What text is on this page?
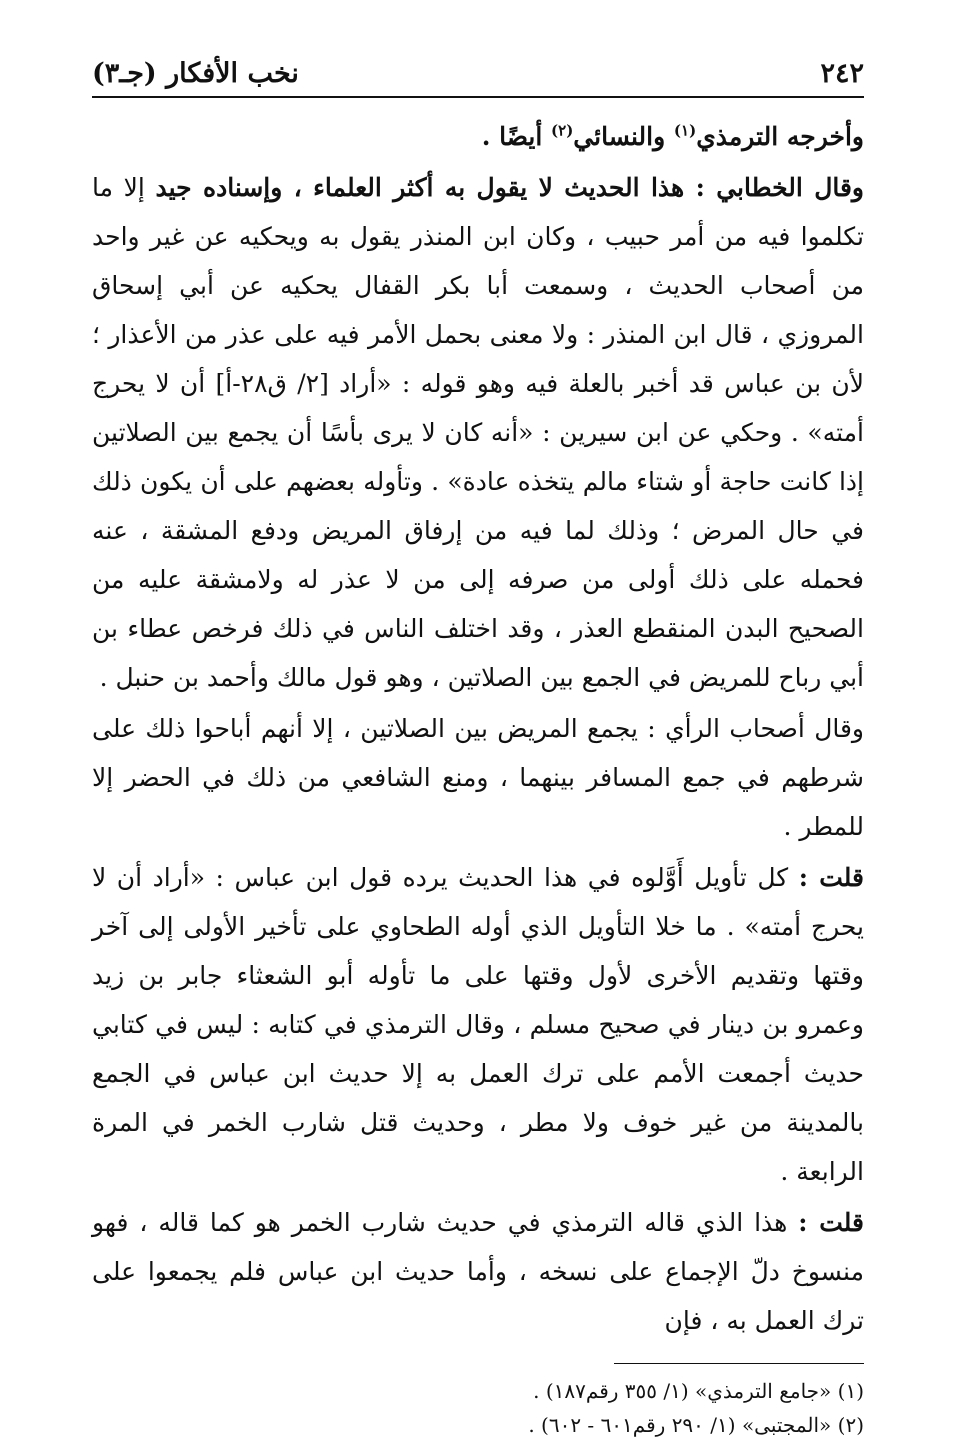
٢٤٢
نخب الأفكار (جـ٣)

وأخرجه الترمذي$^{(١)}$ والنسائي$^{(٢)}$ أيضًا .

وقال الخطابي : هذا الحديث لا يقول به أكثر العلماء ، وإسناده جيد إلا ما تكلموا فيه من أمر حبيب ، وكان ابن المنذر يقول به ويحكيه عن غير واحد من أصحاب الحديث ، وسمعت أبا بكر القفال يحكيه عن أبي إسحاق المروزي ، قال ابن المنذر : ولا معنى بحمل الأمر فيه على عذر من الأعذار ؛ لأن بن عباس قد أخبر بالعلة فيه وهو قوله : «أراد [٢/ ق٢٨-أ] أن لا يحرج أمته» . وحكي عن ابن سيرين : «أنه كان لا يرى بأسًا أن يجمع بين الصلاتين إذا كانت حاجة أو شتاء مالم يتخذه عادة» . وتأوله بعضهم على أن يكون ذلك في حال المرض ؛ وذلك لما فيه من إرفاق المريض ودفع المشقة ، عنه فحمله على ذلك أولى من صرفه إلى من لا عذر له ولامشقة عليه من الصحيح البدن المنقطع العذر ، وقد اختلف الناس في ذلك فرخص عطاء بن أبي رباح للمريض في الجمع بين الصلاتين ، وهو قول مالك وأحمد بن حنبل .

وقال أصحاب الرأي : يجمع المريض بين الصلاتين ، إلا أنهم أباحوا ذلك على شرطهم في جمع المسافر بينهما ، ومنع الشافعي من ذلك في الحضر إلا للمطر .

قلت : كل تأويل أَوَّلوه في هذا الحديث يرده قول ابن عباس : «أراد أن لا يحرج أمته» . ما خلا التأويل الذي أوله الطحاوي على تأخير الأولى إلى آخر وقتها وتقديم الأخرى لأول وقتها على ما تأوله أبو الشعثاء جابر بن زيد وعمرو بن دينار في صحيح مسلم ، وقال الترمذي في كتابه : ليس في كتابي حديث أجمعت الأمم على ترك العمل به إلا حديث ابن عباس في الجمع بالمدينة من غير خوف ولا مطر ، وحديث قتل شارب الخمر في المرة الرابعة .

قلت : هذا الذي قاله الترمذي في حديث شارب الخمر هو كما قاله ، فهو منسوخ دلّ الإجماع على نسخه ، وأما حديث ابن عباس فلم يجمعوا على ترك العمل به ، فإن

(١) «جامع الترمذي» (١/ ٣٥٥ رقم١٨٧) .

(٢) «المجتبى» (١/ ٢٩٠ رقم٦٠١ - ٦٠٢) .
